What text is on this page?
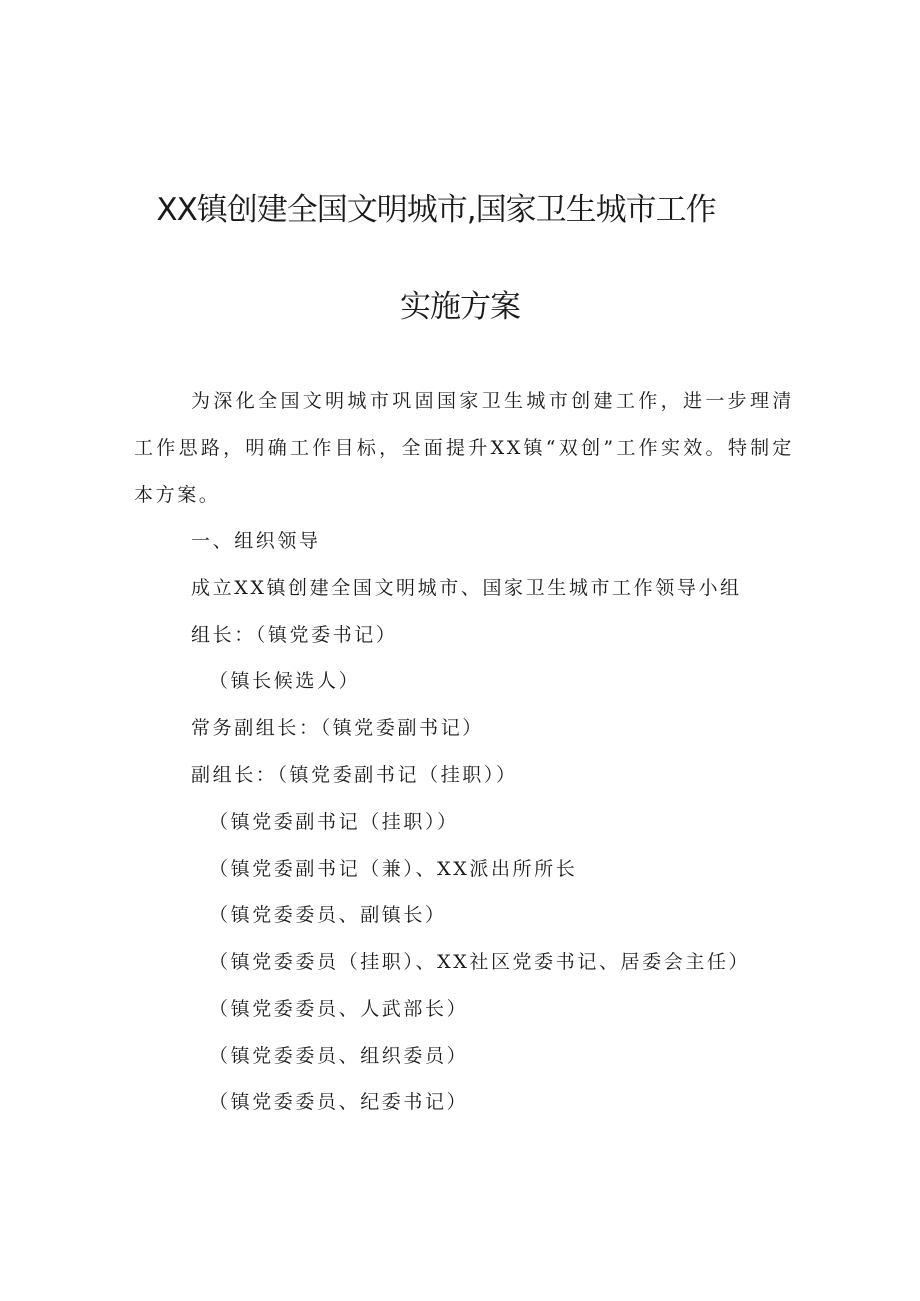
XX镇创建全国文明城市,国家卫生城市工作
实施方案
为深化全国文明城市巩固国家卫生城市创建工作，进一步理清工作思路，明确工作目标，全面提升XX镇“双创”工作实效。特制定本方案。
一、组织领导
成立XX镇创建全国文明城市、国家卫生城市工作领导小组
组长：（镇党委书记）
（镇长候选人）
常务副组长：（镇党委副书记）
副组长：（镇党委副书记（挂职））
（镇党委副书记（挂职））
（镇党委副书记（兼）、XX派出所所长
（镇党委委员、副镇长）
（镇党委委员（挂职）、XX社区党委书记、居委会主任）
（镇党委委员、人武部长）
（镇党委委员、组织委员）
（镇党委委员、纪委书记）
